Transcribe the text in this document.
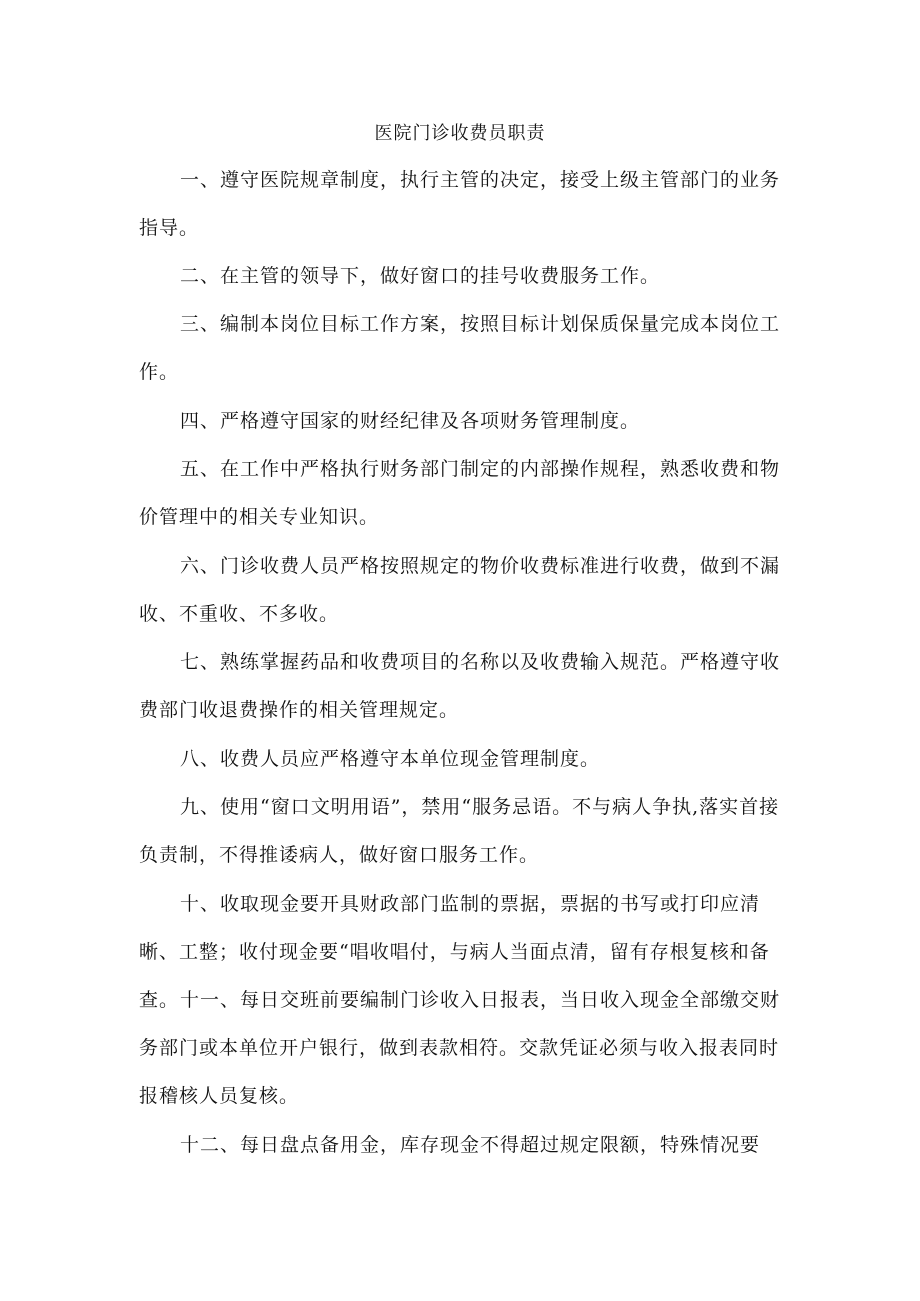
医院门诊收费员职责

一、遵守医院规章制度，执行主管的决定，接受上级主管部门的业务指导。

二、在主管的领导下，做好窗口的挂号收费服务工作。

三、编制本岗位目标工作方案，按照目标计划保质保量完成本岗位工作。

四、严格遵守国家的财经纪律及各项财务管理制度。

五、在工作中严格执行财务部门制定的内部操作规程，熟悉收费和物价管理中的相关专业知识。

六、门诊收费人员严格按照规定的物价收费标准进行收费，做到不漏收、不重收、不多收。

七、熟练掌握药品和收费项目的名称以及收费输入规范。严格遵守收费部门收退费操作的相关管理规定。

八、收费人员应严格遵守本单位现金管理制度。

九、使用“窗口文明用语”，禁用“服务忌语。不与病人争执,落实首接负责制，不得推诿病人，做好窗口服务工作。

十、收取现金要开具财政部门监制的票据，票据的书写或打印应清晰、工整；收付现金要“唱收唱付，与病人当面点清，留有存根复核和备查。 十一、每日交班前要编制门诊收入日报表，当日收入现金全部缴交财务部门或本单位开户银行，做到表款相符。交款凭证必须与收入报表同时报稽核人员复核。

十二、每日盘点备用金，库存现金不得超过规定限额，特殊情况要
